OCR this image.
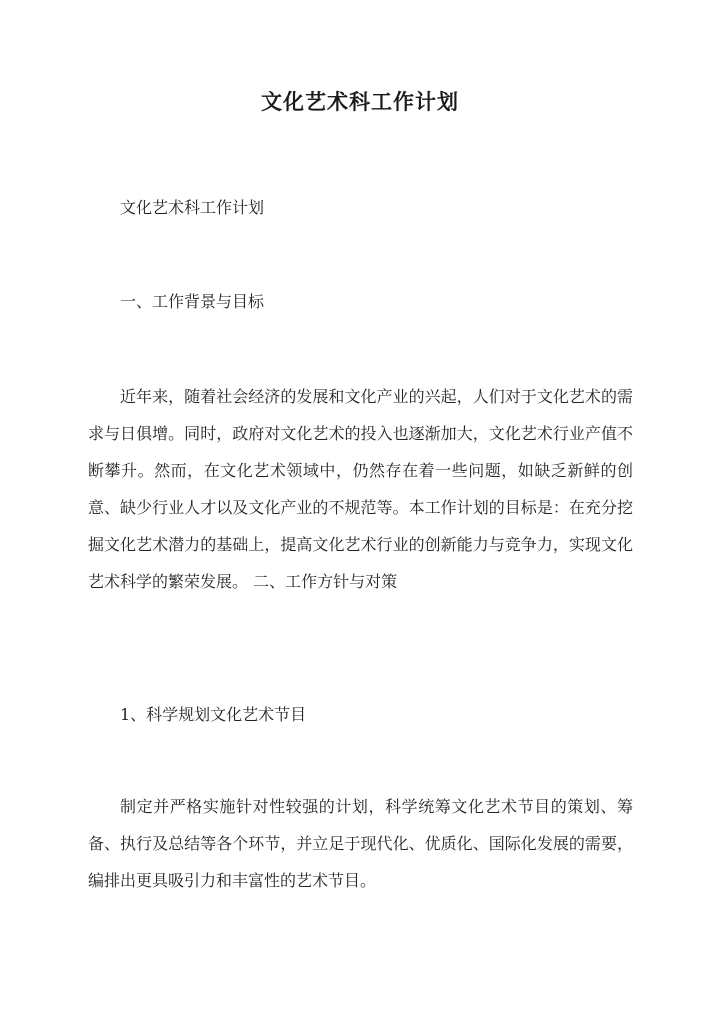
文化艺术科工作计划
文化艺术科工作计划
一、工作背景与目标
近年来，随着社会经济的发展和文化产业的兴起，人们对于文化艺术的需求与日俱增。同时，政府对文化艺术的投入也逐渐加大，文化艺术行业产值不断攀升。然而，在文化艺术领域中，仍然存在着一些问题，如缺乏新鲜的创意、缺少行业人才以及文化产业的不规范等。本工作计划的目标是：在充分挖掘文化艺术潜力的基础上，提高文化艺术行业的创新能力与竞争力，实现文化艺术科学的繁荣发展。 二、工作方针与对策
1、科学规划文化艺术节目
制定并严格实施针对性较强的计划，科学统筹文化艺术节目的策划、筹备、执行及总结等各个环节，并立足于现代化、优质化、国际化发展的需要，编排出更具吸引力和丰富性的艺术节目。
